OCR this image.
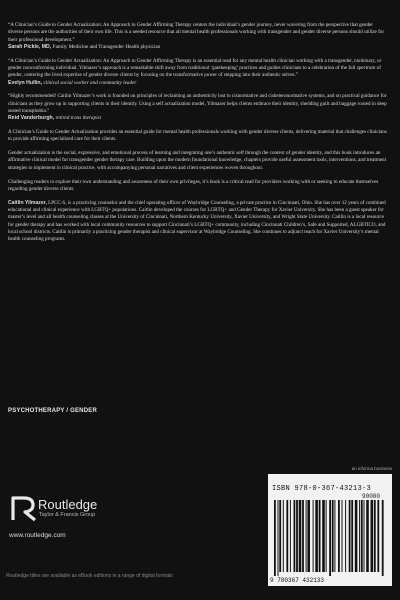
“A Clinician’s Guide to Gender Actualization: An Approach to Gender Affirming Therapy centers the individual’s gender journey, never wavering from the perspective that gender diverse persons are the authorities of their own life. This is a needed resource that all mental health professionals working with transgender and gender diverse persons should utilize for their professional development.”
Sarah Pickle, MD, Family Medicine and Transgender Health physician

“A Clinician’s Guide to Gender Actualization: An Approach to Gender Affirming Therapy is an essential read for any mental health clinician working with a transgender, nonbinary, or gender nonconforming individual. Yilmazer’s approach is a remarkable shift away from traditional ‘gatekeeping’ practices and guides clinicians to a celebration of the full spectrum of gender, centering the lived expertise of gender diverse clients by focusing on the transformative power of stepping into their authentic selves.”
Evelyn Hullin, clinical social worker and community leader

“Highly recommended! Caitlin Yilmazer’s work is founded on principles of reclaiming an authenticity lost to cisnormative and cisheteronormative systems, and on practical guidance for clinicians as they grow up in supporting clients in their identity. Using a self actualization model, Yilmazer helps clients embrace their identity, shedding guilt and baggage rooted in deep seated transphobia.”
Reid Vanderburgh, retired trans therapist

A Clinician’s Guide to Gender Actualization provides an essential guide for mental health professionals working with gender diverse clients, delivering material that challenges clinicians to provide affirming specialized care for their clients.

Gender actualization is the social, expressive, and emotional process of learning and integrating one’s authentic self through the context of gender identity, and this book introduces an affirmative clinical model for transgender gender therapy care. Building upon the modern foundational knowledge, chapters provide useful assessment tools, interventions, and treatment strategies to implement in clinical practice, with accompanying personal narratives and client experiences woven throughout.

Challenging readers to explore their own understanding and awareness of their own privileges, it’s book is a critical read for providers working with or seeking to educate themselves regarding gender diverse clients.

Caitlin Yilmazer, LPCC-S, is a practicing counselor and the chief operating officer of Waybridge Counseling, a private practice in Cincinnati, Ohio. She has over 12 years of combined educational and clinical experience with LGBTQ+ populations. Caitlin developed the courses for LGBTQ+ and Gender Therapy for Xavier University. She has been a guest speaker for master’s level and all health counseling classes at the University of Cincinnati, Northern Kentucky University, Xavier University, and Wright State University. Caitlin is a local resource for gender therapy and has worked with local community resources to support Cincinnati’s LGBTQ+ community, including Cincinnati Children’s, Safe and Supported, ALGBTICO, and local school districts. Caitlin is primarily a practicing gender therapist and clinical supervisor at Waybridge Counseling. She continues to adjunct teach for Xavier University’s mental health counseling programs.

PSYCHOTHERAPY / GENDER
Routledge
Taylor & Francis Group
www.routledge.com
Routledge titles are available as eBook editions in a range of digital formats
an informa business
ISBN 978-0-367-43213-3
90000
9 780367 432133
